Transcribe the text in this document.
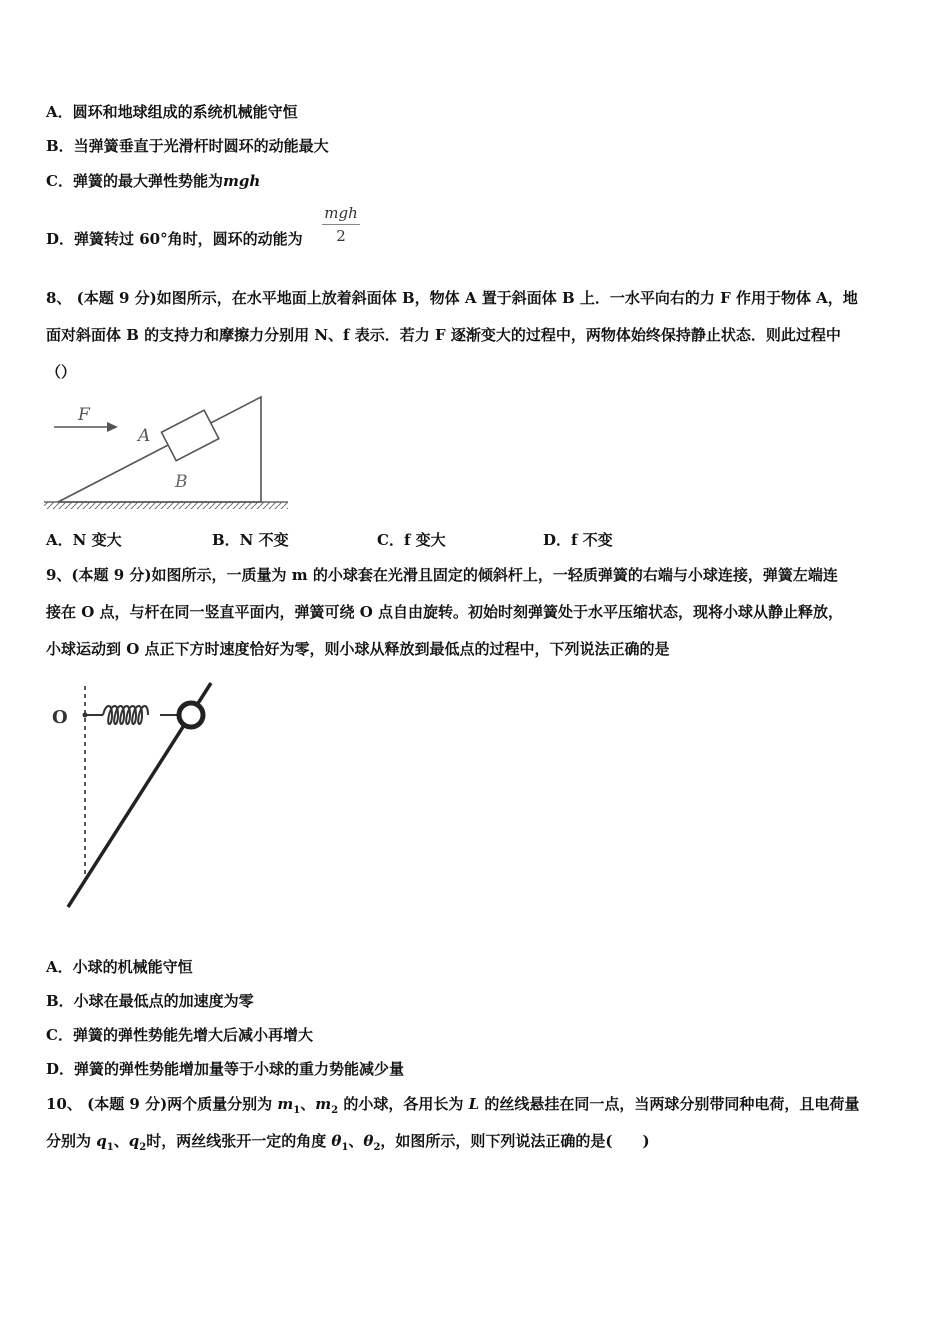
A．圆环和地球组成的系统机械能守恒
B．当弹簧垂直于光滑杆时圆环的动能最大
C．弹簧的最大弹性势能为mgh
D．弹簧转过 60°角时，圆环的动能为
mgh
2
8、 (本题 9 分)如图所示，在水平地面上放着斜面体 B，物体 A 置于斜面体 B 上．一水平向右的力 F 作用于物体 A，地
面对斜面体 B 的支持力和摩擦力分别用 N、f 表示．若力 F 逐渐变大的过程中，两物体始终保持静止状态．则此过程中
（）
F
A
B
A．N 变大	B．N 不变	C．f 变大	D．f 不变
9、(本题 9 分)如图所示，一质量为 m 的小球套在光滑且固定的倾斜杆上，一轻质弹簧的右端与小球连接，弹簧左端连
接在 O 点，与杆在同一竖直平面内，弹簧可绕 O 点自由旋转。初始时刻弹簧处于水平压缩状态，现将小球从静止释放，
小球运动到 O 点正下方时速度恰好为零，则小球从释放到最低点的过程中，下列说法正确的是
O
A．小球的机械能守恒
B．小球在最低点的加速度为零
C．弹簧的弹性势能先增大后减小再增大
D．弹簧的弹性势能增加量等于小球的重力势能减少量
10、 (本题 9 分)两个质量分别为 $m_1$、$m_2$ 的小球，各用长为 L 的丝线悬挂在同一点，当两球分别带同种电荷，且电荷量
分别为 $q_1$、$q_2$时，两丝线张开一定的角度 $\theta_1$、$\theta_2$，如图所示，则下列说法正确的是(　　)
